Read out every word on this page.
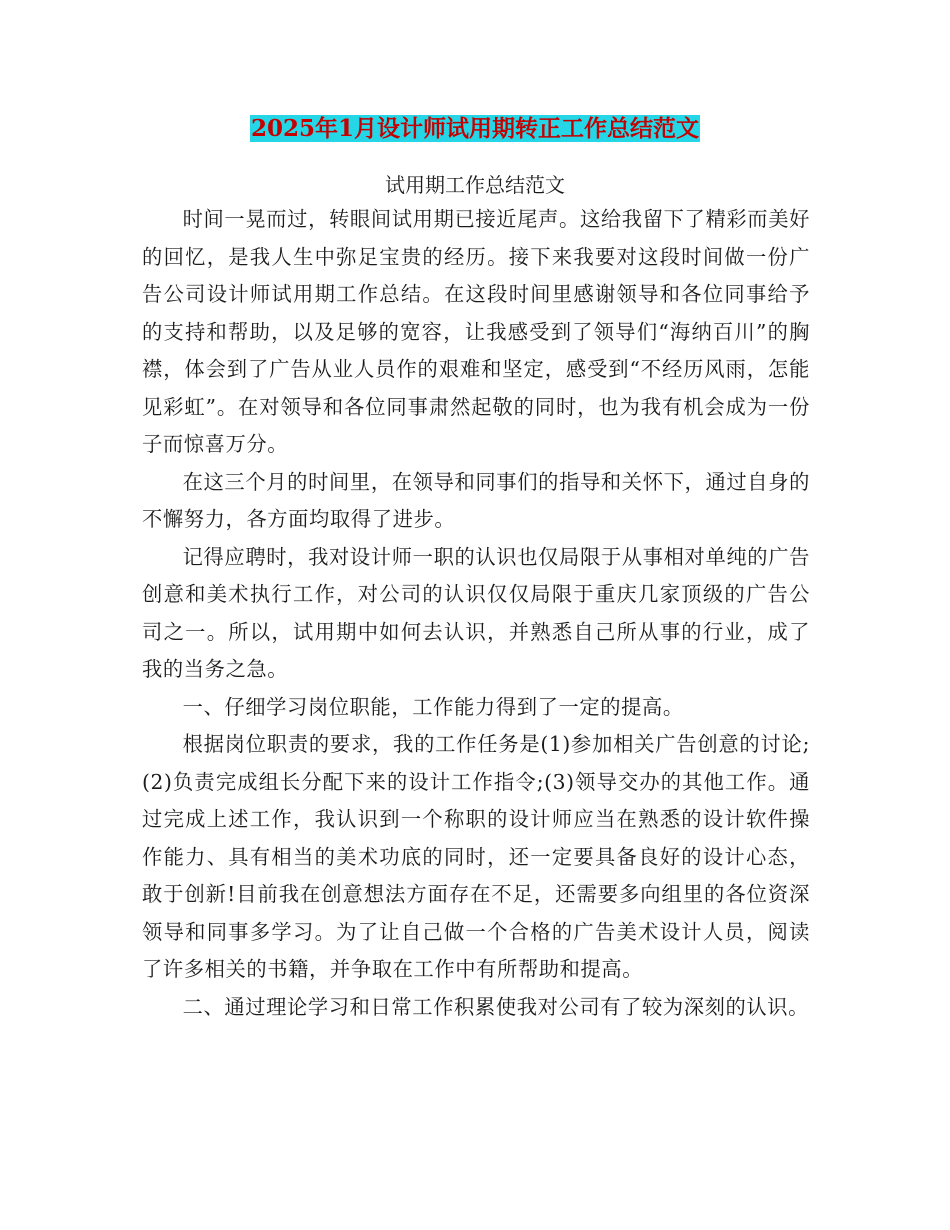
2025年1月设计师试用期转正工作总结范文

试用期工作总结范文

时间一晃而过，转眼间试用期已接近尾声。这给我留下了精彩而美好的回忆，是我人生中弥足宝贵的经历。接下来我要对这段时间做一份广告公司设计师试用期工作总结。在这段时间里感谢领导和各位同事给予的支持和帮助，以及足够的宽容，让我感受到了领导们“海纳百川”的胸襟，体会到了广告从业人员作的艰难和坚定，感受到“不经历风雨，怎能见彩虹”。在对领导和各位同事肃然起敬的同时，也为我有机会成为一份子而惊喜万分。

在这三个月的时间里，在领导和同事们的指导和关怀下，通过自身的不懈努力，各方面均取得了进步。

记得应聘时，我对设计师一职的认识也仅局限于从事相对单纯的广告创意和美术执行工作，对公司的认识仅仅局限于重庆几家顶级的广告公司之一。所以，试用期中如何去认识，并熟悉自己所从事的行业，成了我的当务之急。

一、仔细学习岗位职能，工作能力得到了一定的提高。

根据岗位职责的要求，我的工作任务是(1)参加相关广告创意的讨论;(2)负责完成组长分配下来的设计工作指令;(3)领导交办的其他工作。通过完成上述工作，我认识到一个称职的设计师应当在熟悉的设计软件操作能力、具有相当的美术功底的同时，还一定要具备良好的设计心态，敢于创新!目前我在创意想法方面存在不足，还需要多向组里的各位资深领导和同事多学习。为了让自己做一个合格的广告美术设计人员，阅读了许多相关的书籍，并争取在工作中有所帮助和提高。

二、通过理论学习和日常工作积累使我对公司有了较为深刻的认识。
